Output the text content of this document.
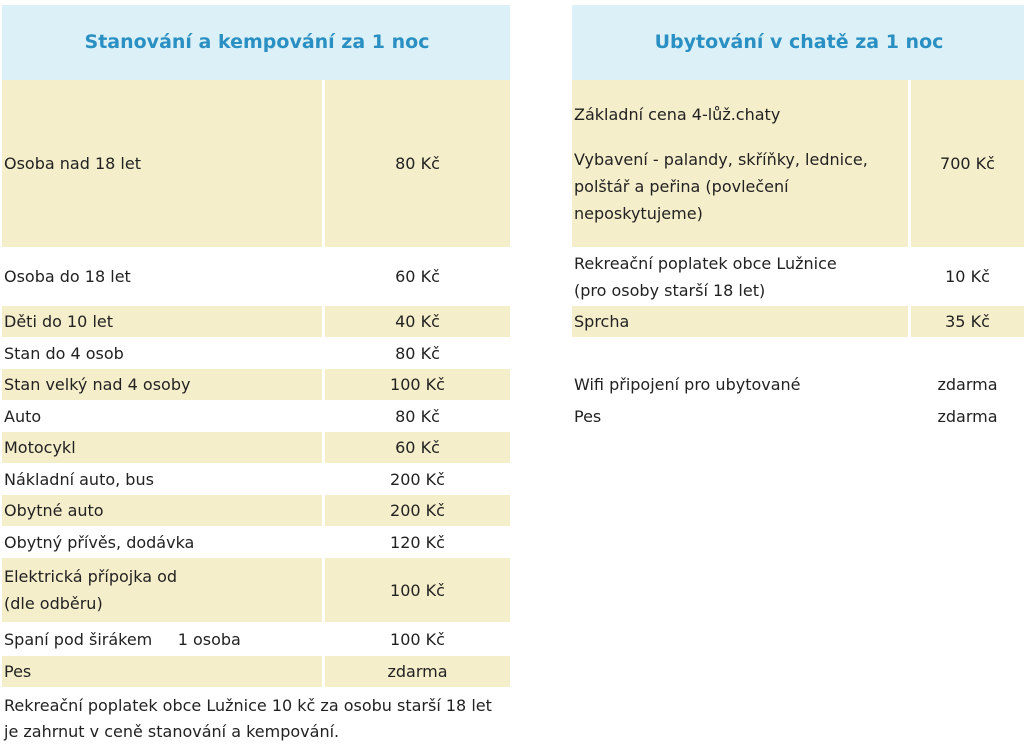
Stanování a kempování za 1 noc	
Osoba nad 18 let	80 Kč
Osoba do 18 let	60 Kč
Děti do 10 let	40 Kč
Stan do 4 osob	80 Kč
Stan velký nad 4 osoby	100 Kč
Auto	80 Kč
Motocykl	60 Kč
Nákladní auto, bus	200 Kč
Obytné auto	200 Kč
Obytný přívěs, dodávka	120 Kč

Elektrická přípojka od
(dle odběru)	100 Kč
Spaní pod širákem     1 osoba	100 Kč
Pes	zdarma
Rekreační poplatek obce Lužnice 10 kč za osobu starší 18 let
je zahrnut v ceně stanování a kempování.
Ubytování v chatě za 1 noc	

Základní cena 4-lůž.chaty
Vybavení - palandy, skříňky, lednice,
polštář a peřina (povlečení
neposkytujeme)	700 Kč

Rekreační poplatek obce Lužnice
(pro osoby starší 18 let)	10 Kč
Sprcha	35 Kč

Wifi připojení pro ubytované	zdarma
Pes	zdarma
